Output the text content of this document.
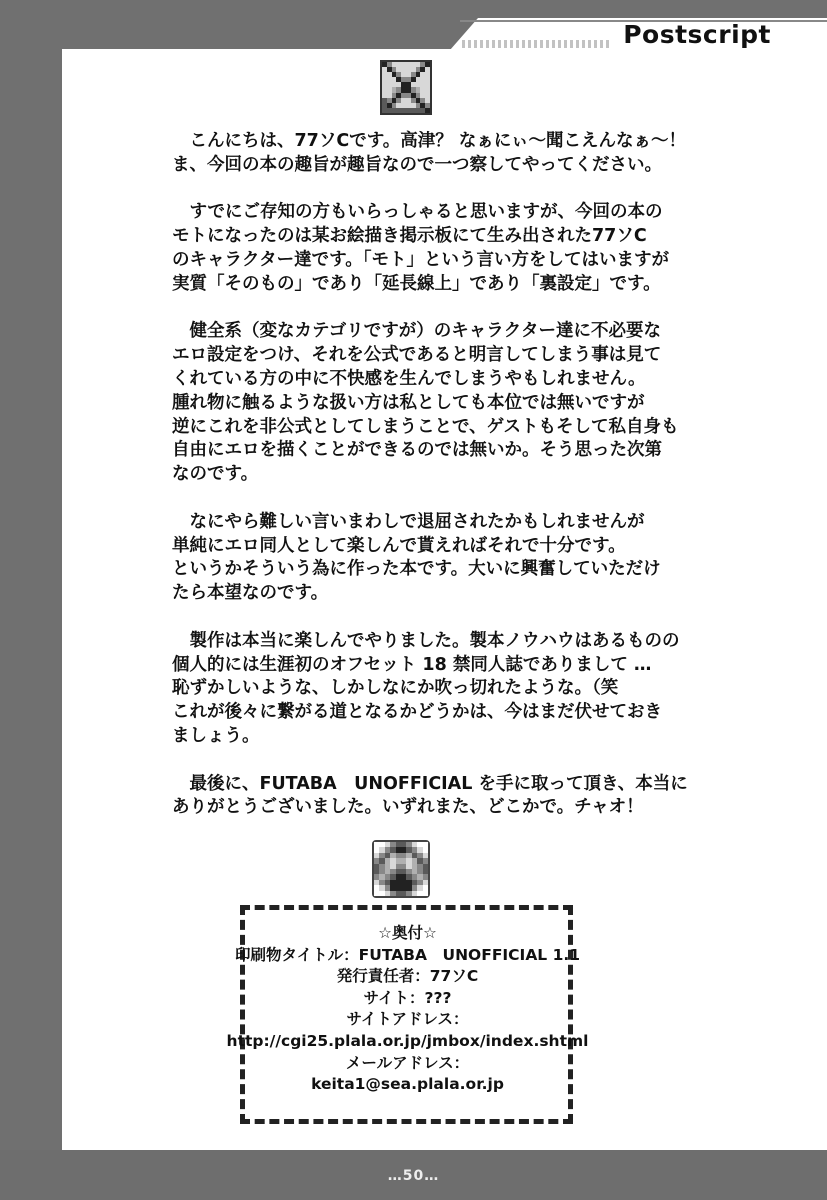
Postscript
　こんにちは、77ソCです。高津？ なぁにぃ～聞こえんなぁ～！
ま、今回の本の趣旨が趣旨なので一つ察してやってください。
　すでにご存知の方もいらっしゃると思いますが、今回の本の
モトになったのは某お絵描き掲示板にて生み出された77ソC
のキャラクター達です。「モト」という言い方をしてはいますが
実質「そのもの」であり「延長線上」であり「裏設定」です。
　健全系（変なカテゴリですが）のキャラクター達に不必要な
エロ設定をつけ、それを公式であると明言してしまう事は見て
くれている方の中に不快感を生んでしまうやもしれません。
腫れ物に触るような扱い方は私としても本位では無いですが
逆にこれを非公式としてしまうことで、ゲストもそして私自身も
自由にエロを描くことができるのでは無いか。そう思った次第
なのです。
　なにやら難しい言いまわしで退屈されたかもしれませんが
単純にエロ同人として楽しんで貰えればそれで十分です。
というかそういう為に作った本です。大いに興奮していただけ
たら本望なのです。
　製作は本当に楽しんでやりました。製本ノウハウはあるものの
個人的には生涯初のオフセット 18 禁同人誌でありまして …
恥ずかしいような、しかしなにか吹っ切れたような。（笑
これが後々に繋がる道となるかどうかは、今はまだ伏せておき
ましょう。
　最後に、FUTABA　UNOFFICIAL を手に取って頂き、本当に
ありがとうございました。いずれまた、どこかで。チャオ！
☆奥付☆
印刷物タイトル：FUTABA　UNOFFICIAL 1.1
発行責任者：77ソC
サイト：???
サイトアドレス：
http://cgi25.plala.or.jp/jmbox/index.shtml
メールアドレス：
keita1@sea.plala.or.jp
…50…
